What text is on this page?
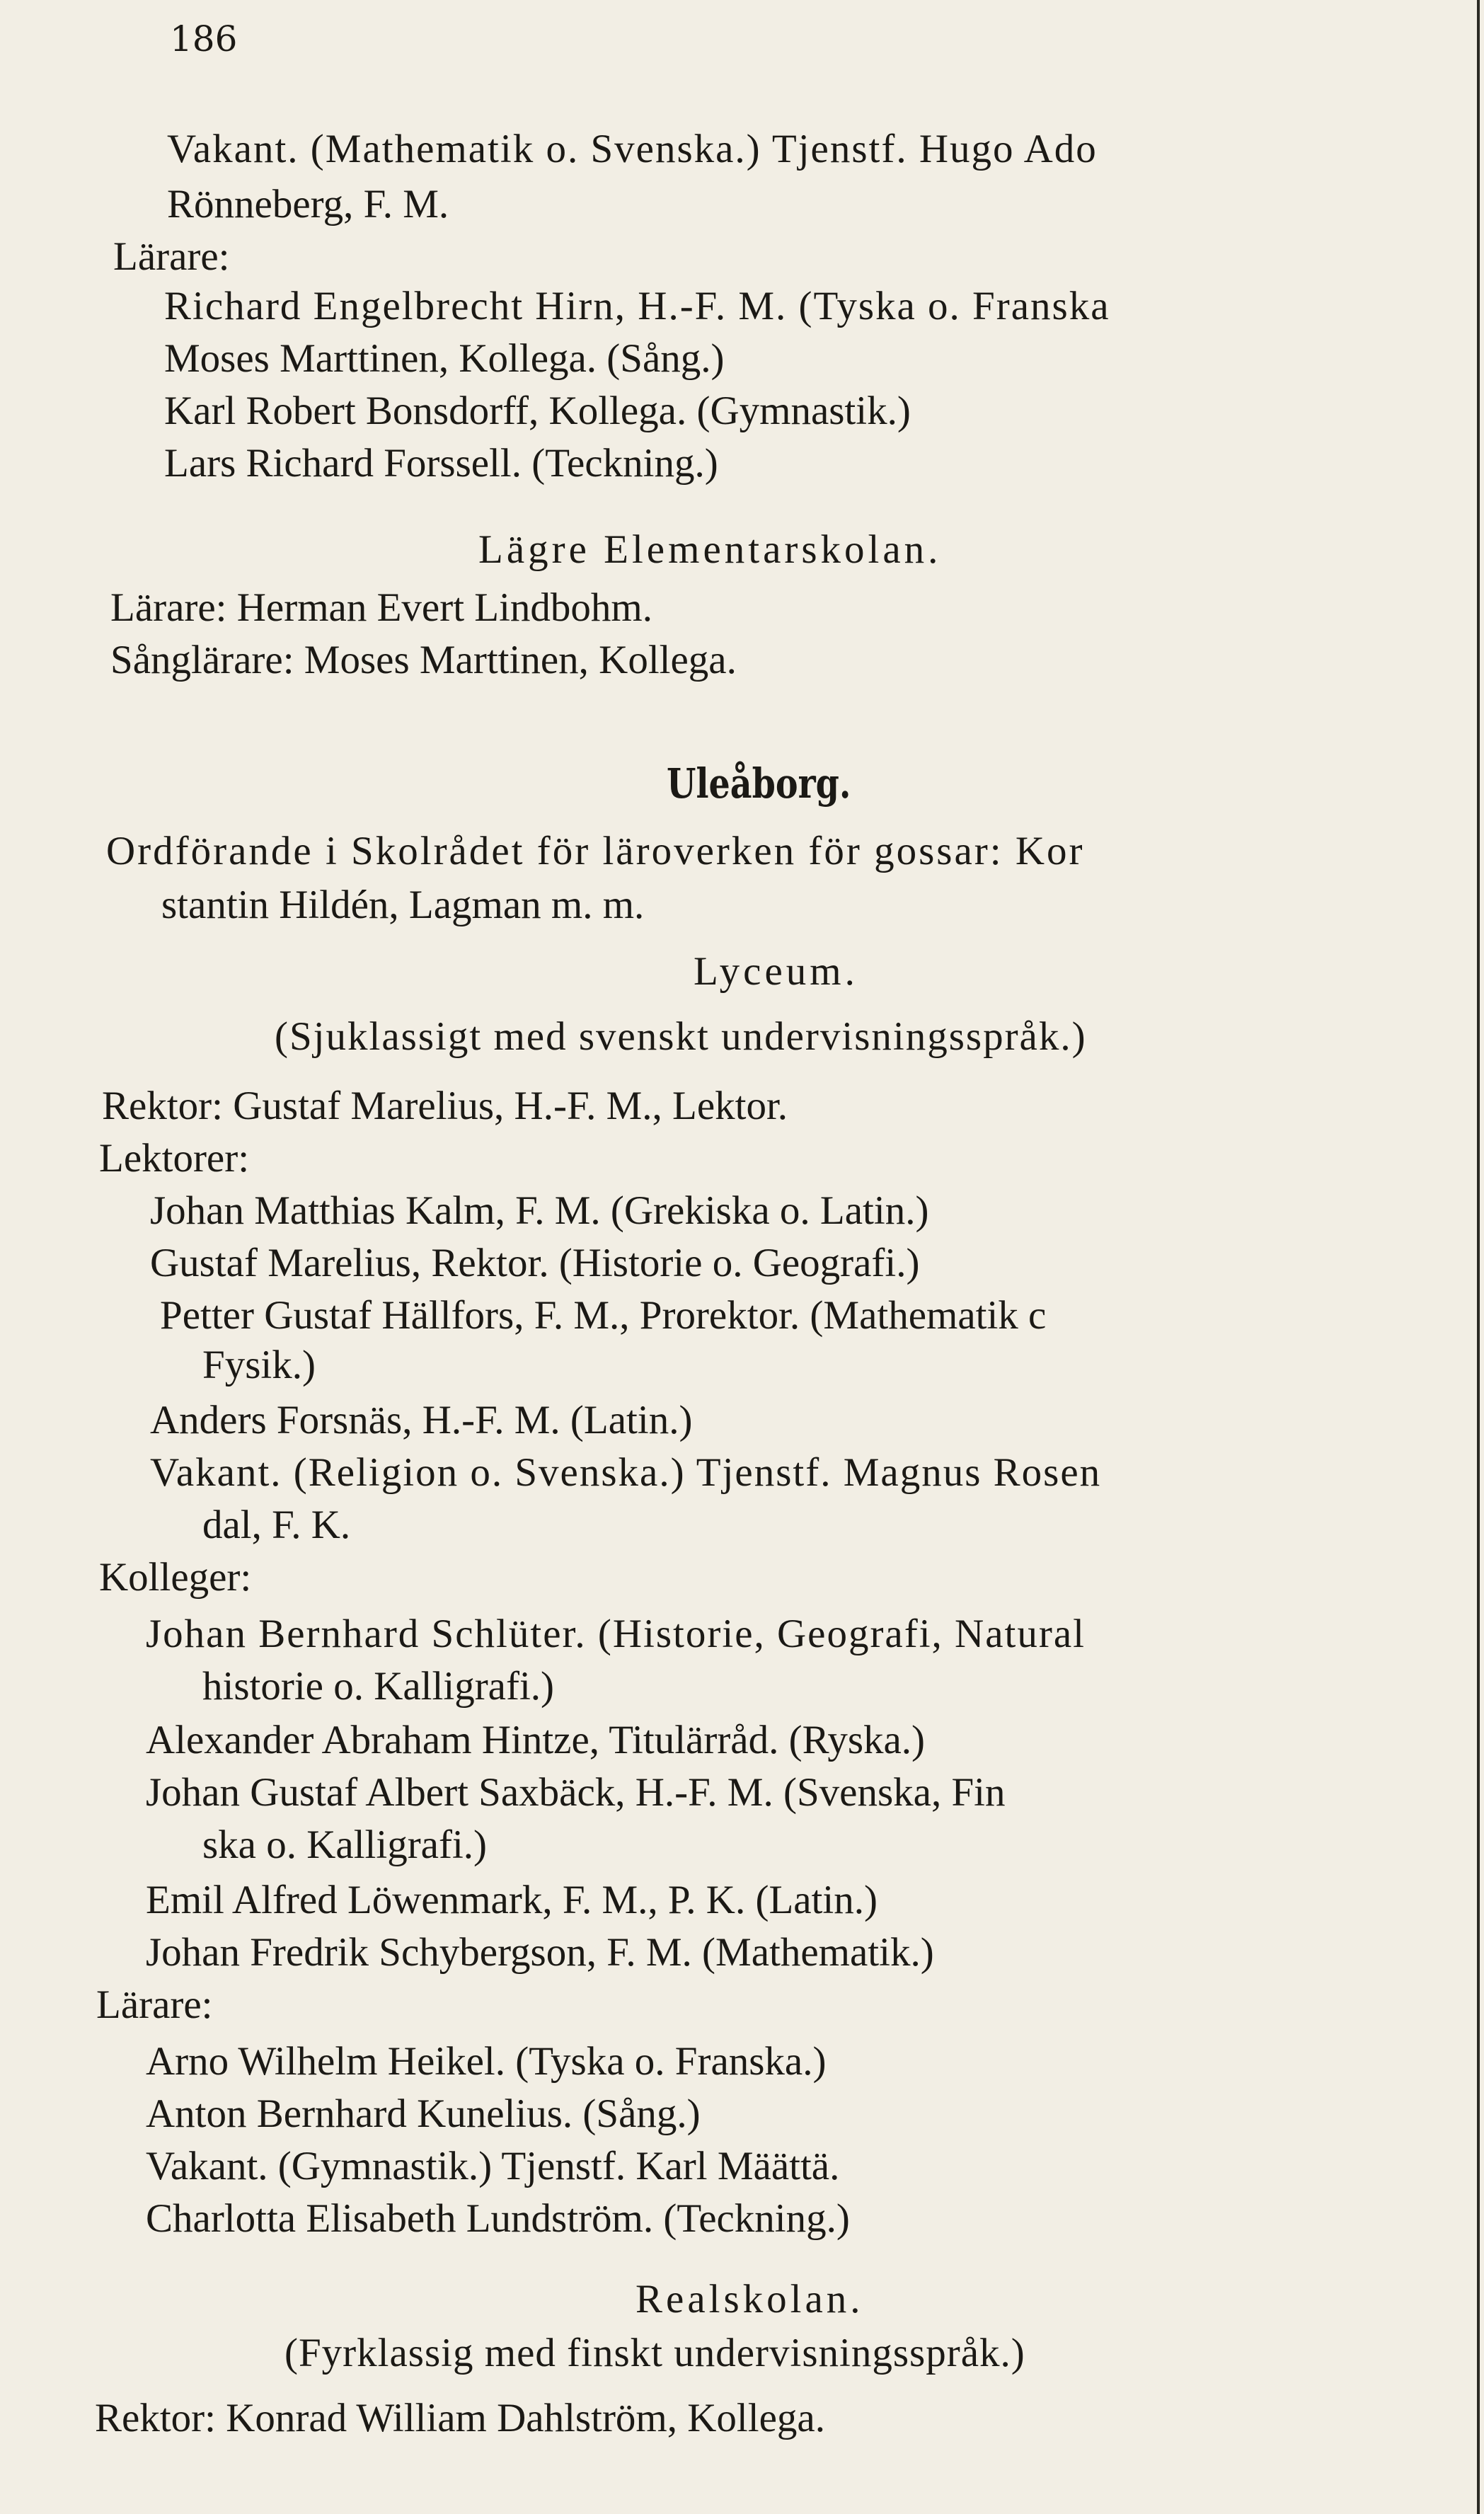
186
Vakant. (Mathematik o. Svenska.) Tjenstf. Hugo Ado
Rönneberg, F. M.
Lärare:
Richard Engelbrecht Hirn, H.-F. M. (Tyska o. Franska
Moses Marttinen, Kollega. (Sång.)
Karl Robert Bonsdorff, Kollega. (Gymnastik.)
Lars Richard Forssell. (Teckning.)
Lägre Elementarskolan.
Lärare: Herman Evert Lindbohm.
Sånglärare: Moses Marttinen, Kollega.
Uleåborg.
Ordförande i Skolrådet för läroverken för gossar: Kor
stantin Hildén, Lagman m. m.
Lyceum.
(Sjuklassigt med svenskt undervisningsspråk.)
Rektor: Gustaf Marelius, H.-F. M., Lektor.
Lektorer:
Johan Matthias Kalm, F. M. (Grekiska o. Latin.)
Gustaf Marelius, Rektor. (Historie o. Geografi.)
Petter Gustaf Hällfors, F. M., Prorektor. (Mathematik c
Fysik.)
Anders Forsnäs, H.-F. M. (Latin.)
Vakant. (Religion o. Svenska.) Tjenstf. Magnus Rosen
dal, F. K.
Kolleger:
Johan Bernhard Schlüter. (Historie, Geografi, Natural
historie o. Kalligrafi.)
Alexander Abraham Hintze, Titulärråd. (Ryska.)
Johan Gustaf Albert Saxbäck, H.-F. M. (Svenska, Fin
ska o. Kalligrafi.)
Emil Alfred Löwenmark, F. M., P. K. (Latin.)
Johan Fredrik Schybergson, F. M. (Mathematik.)
Lärare:
Arno Wilhelm Heikel. (Tyska o. Franska.)
Anton Bernhard Kunelius. (Sång.)
Vakant. (Gymnastik.) Tjenstf. Karl Määttä.
Charlotta Elisabeth Lundström. (Teckning.)
Realskolan.
(Fyrklassig med finskt undervisningsspråk.)
Rektor: Konrad William Dahlström, Kollega.
